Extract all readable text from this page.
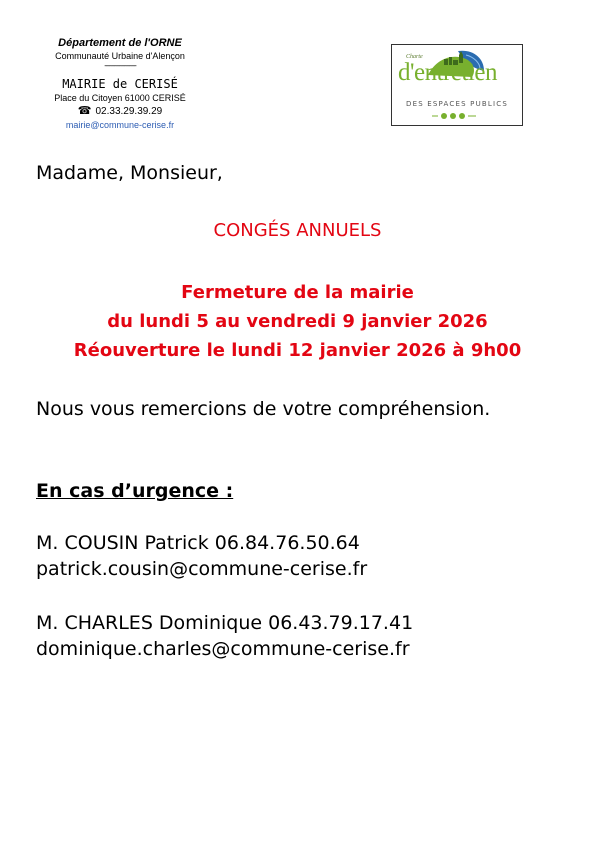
Département de l'ORNE
Communauté Urbaine d'Alençon
-------------------
MAIRIE de CERISÉ
Place du Citoyen 61000 CERISÉ
☎ 02.33.29.39.29
mairie@commune-cerise.fr
Charte
d'entretien
DES ESPACES PUBLICS
Madame, Monsieur,
CONGÉS ANNUELS
Fermeture de la mairie
du lundi 5 au vendredi 9 janvier 2026
Réouverture le lundi 12 janvier 2026 à 9h00
Nous vous remercions de votre compréhension.
En cas d’urgence :
M. COUSIN Patrick 06.84.76.50.64
patrick.cousin@commune-cerise.fr
M. CHARLES Dominique 06.43.79.17.41
dominique.charles@commune-cerise.fr
